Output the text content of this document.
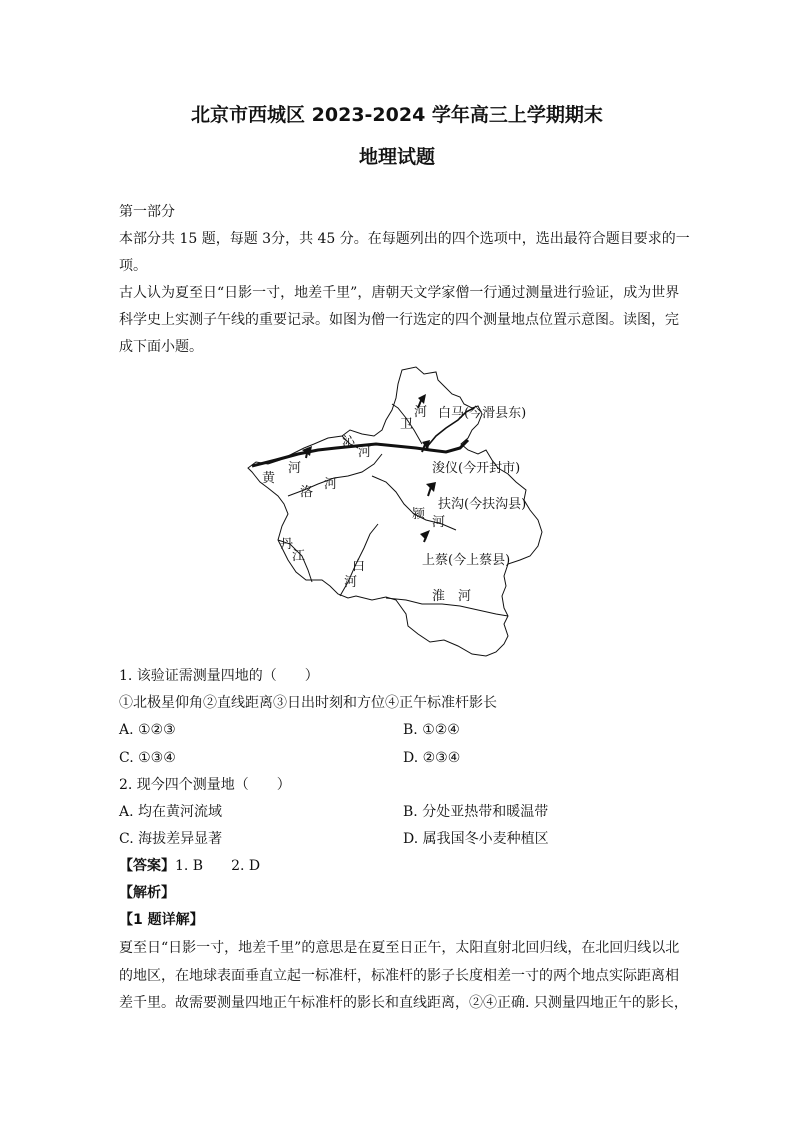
北京市西城区 2023-2024 学年高三上学期期末
地理试题
第一部分
本部分共 15 题，每题 3分，共 45 分。在每题列出的四个选项中，选出最符合题目要求的一
项。
古人认为夏至日“日影一寸，地差千里”，唐朝天文学家僧一行通过测量进行验证，成为世界
科学史上实测子午线的重要记录。如图为僧一行选定的四个测量地点位置示意图。读图，完
成下面小题。
白马(今滑县东)
浚仪(今开封市)
扶沟(今扶沟县)
上蔡(今上蔡县)
河
卫
沁
河
黄
河
洛
河
颍
河
丹
江
白
河
淮 河
1. 该验证需测量四地的（　　）
①北极星仰角②直线距离③日出时刻和方位④正午标准杆影长
A. ①②③	B. ①②④
C. ①③④	D. ②③④
2. 现今四个测量地（　　）
A. 均在黄河流域	B. 分处亚热带和暖温带
C. 海拔差异显著	D. 属我国冬小麦种植区
【答案】1. B　　2. D
【解析】
【1 题详解】
夏至日“日影一寸，地差千里”的意思是在夏至日正午，太阳直射北回归线，在北回归线以北
的地区，在地球表面垂直立起一标准杆，标准杆的影子长度相差一寸的两个地点实际距离相
差千里。故需要测量四地正午标准杆的影长和直线距离，②④正确. 只测量四地正午的影长，
